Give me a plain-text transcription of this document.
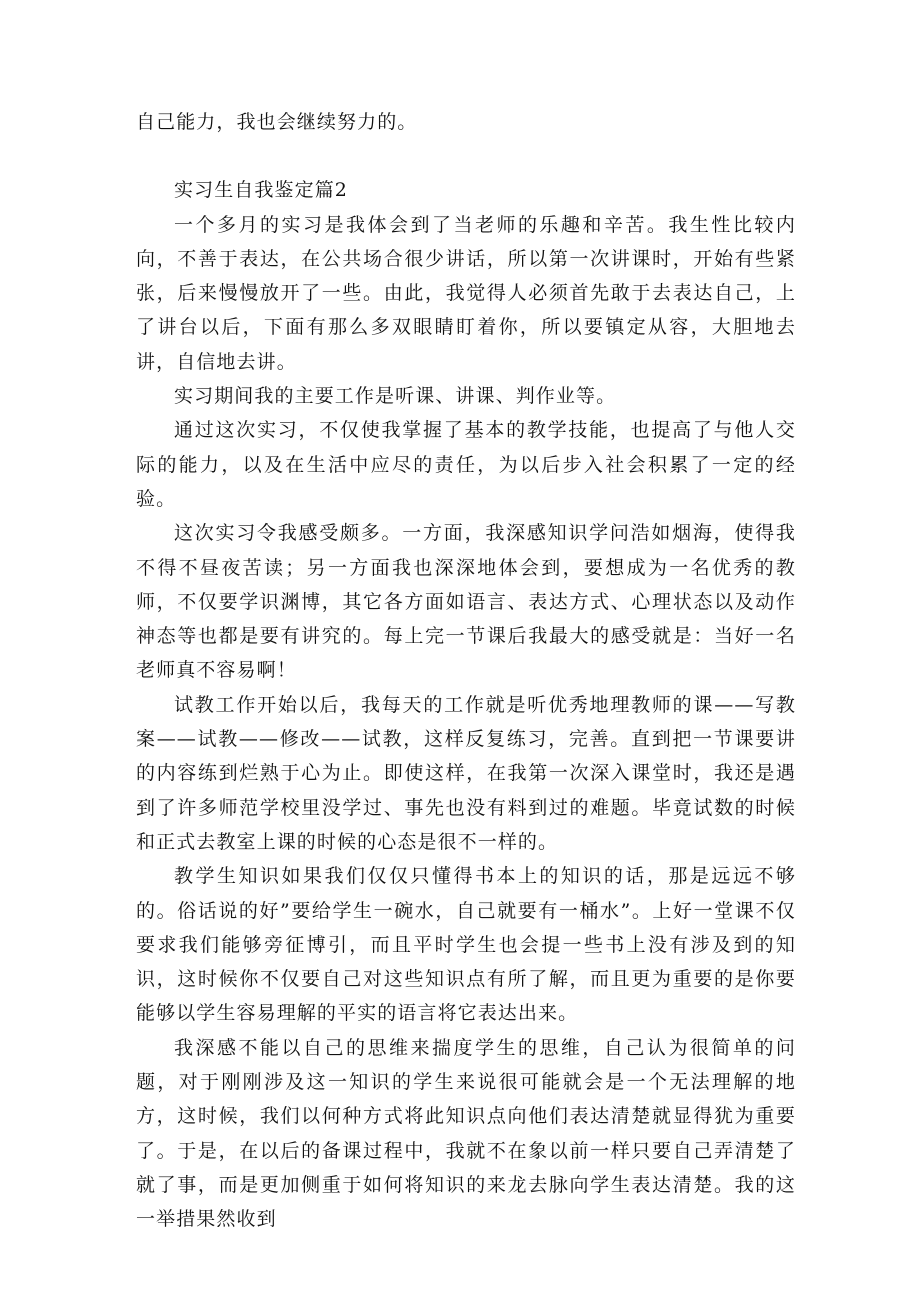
自己能力，我也会继续努力的。

实习生自我鉴定篇2

一个多月的实习是我体会到了当老师的乐趣和辛苦。我生性比较内向，不善于表达，在公共场合很少讲话，所以第一次讲课时，开始有些紧张，后来慢慢放开了一些。由此，我觉得人必须首先敢于去表达自己，上了讲台以后，下面有那么多双眼睛盯着你，所以要镇定从容，大胆地去讲，自信地去讲。

实习期间我的主要工作是听课、讲课、判作业等。

通过这次实习，不仅使我掌握了基本的教学技能，也提高了与他人交际的能力，以及在生活中应尽的责任，为以后步入社会积累了一定的经验。

这次实习令我感受颇多。一方面，我深感知识学问浩如烟海，使得我不得不昼夜苦读；另一方面我也深深地体会到，要想成为一名优秀的教师，不仅要学识渊博，其它各方面如语言、表达方式、心理状态以及动作神态等也都是要有讲究的。每上完一节课后我最大的感受就是：当好一名老师真不容易啊！

试教工作开始以后，我每天的工作就是听优秀地理教师的课——写教案——试教——修改——试教，这样反复练习，完善。直到把一节课要讲的内容练到烂熟于心为止。即使这样，在我第一次深入课堂时，我还是遇到了许多师范学校里没学过、事先也没有料到过的难题。毕竟试数的时候和正式去教室上课的时候的心态是很不一样的。

教学生知识如果我们仅仅只懂得书本上的知识的话，那是远远不够的。俗话说的好”要给学生一碗水，自己就要有一桶水”。上好一堂课不仅要求我们能够旁征博引，而且平时学生也会提一些书上没有涉及到的知识，这时候你不仅要自己对这些知识点有所了解，而且更为重要的是你要能够以学生容易理解的平实的语言将它表达出来。

我深感不能以自己的思维来揣度学生的思维，自己认为很简单的问题，对于刚刚涉及这一知识的学生来说很可能就会是一个无法理解的地方，这时候，我们以何种方式将此知识点向他们表达清楚就显得犹为重要了。于是，在以后的备课过程中，我就不在象以前一样只要自己弄清楚了就了事，而是更加侧重于如何将知识的来龙去脉向学生表达清楚。我的这一举措果然收到
